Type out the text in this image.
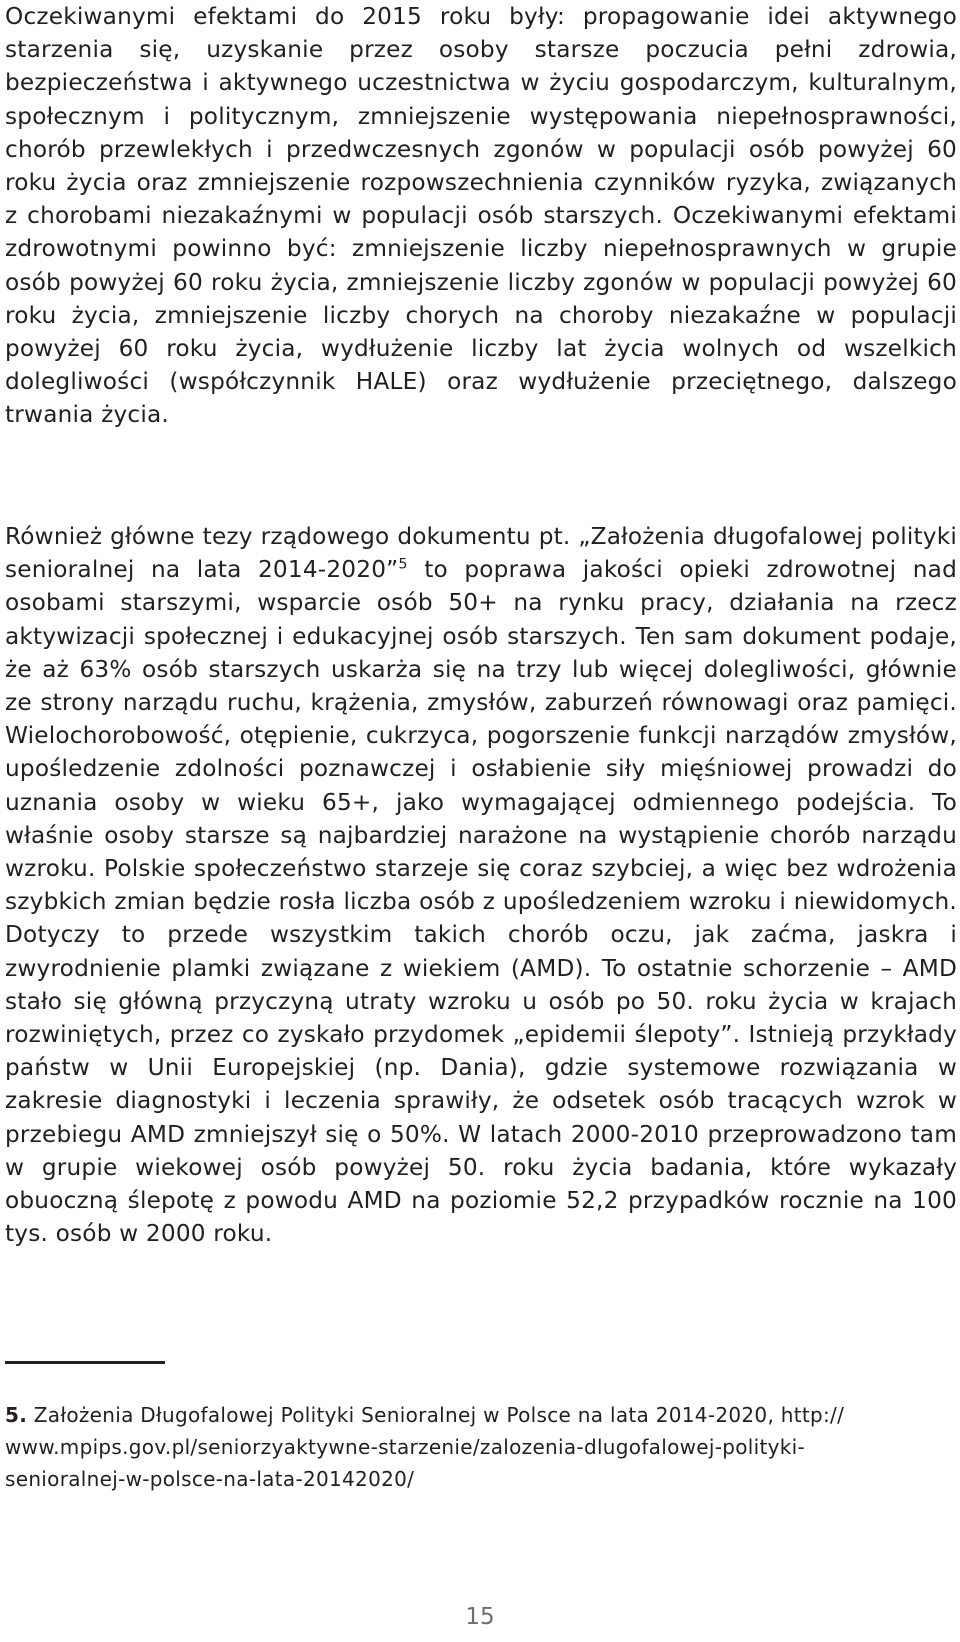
Oczekiwanymi efektami do 2015 roku były: propagowanie idei aktywnego starzenia się, uzyskanie przez osoby starsze poczucia pełni zdrowia, bezpieczeństwa i aktywnego uczestnictwa w życiu gospodarczym, kulturalnym, społecznym i politycznym, zmniejszenie występowania niepełnosprawności, chorób przewlekłych i przedwczesnych zgonów w populacji osób powyżej 60 roku życia oraz zmniejszenie rozpowszechnienia czynników ryzyka, związanych z chorobami niezakaźnymi w populacji osób starszych. Oczekiwanymi efektami zdrowotnymi powinno być: zmniejszenie liczby niepełnosprawnych w grupie osób powyżej 60 roku życia, zmniejszenie liczby zgonów w populacji powyżej 60 roku życia, zmniejszenie liczby chorych na choroby niezakaźne w populacji powyżej 60 roku życia, wydłużenie liczby lat życia wolnych od wszelkich dolegliwości (współczynnik HALE) oraz wydłużenie przeciętnego, dalszego trwania życia.

Również główne tezy rządowego dokumentu pt. „Założenia długofalowej polityki senioralnej na lata 2014-2020”$^5$ to poprawa jakości opieki zdrowotnej nad osobami starszymi, wsparcie osób 50+ na rynku pracy, działania na rzecz aktywizacji społecznej i edukacyjnej osób starszych. Ten sam dokument podaje, że aż 63% osób starszych uskarża się na trzy lub więcej dolegliwości, głównie ze strony narządu ruchu, krążenia, zmysłów, zaburzeń równowagi oraz pamięci. Wielochorobowość, otępienie, cukrzyca, pogorszenie funkcji narządów zmysłów, upośledzenie zdolności poznawczej i osłabienie siły mięśniowej prowadzi do uznania osoby w wieku 65+, jako wymagającej odmiennego podejścia. To właśnie osoby starsze są najbardziej narażone na wystąpienie chorób narządu wzroku. Polskie społeczeństwo starzeje się coraz szybciej, a więc bez wdrożenia szybkich zmian będzie rosła liczba osób z upośledzeniem wzroku i niewidomych. Dotyczy to przede wszystkim takich chorób oczu, jak zaćma, jaskra i zwyrodnienie plamki związane z wiekiem (AMD). To ostatnie schorzenie – AMD stało się główną przyczyną utraty wzroku u osób po 50. roku życia w krajach rozwiniętych, przez co zyskało przydomek „epidemii ślepoty”. Istnieją przykłady państw w Unii Europejskiej (np. Dania), gdzie systemowe rozwiązania w zakresie diagnostyki i leczenia sprawiły, że odsetek osób tracących wzrok w przebiegu AMD zmniejszył się o 50%. W latach 2000-2010 przeprowadzono tam w grupie wiekowej osób powyżej 50. roku życia badania, które wykazały obuoczną ślepotę z powodu AMD na poziomie 52,2 przypadków rocznie na 100 tys. osób w 2000 roku.

5. Założenia Długofalowej Polityki Senioralnej w Polsce na lata 2014-2020, http://
www.mpips.gov.pl/seniorzyaktywne-starzenie/zalozenia-dlugofalowej-polityki-
senioralnej-w-polsce-na-lata-20142020/

15
